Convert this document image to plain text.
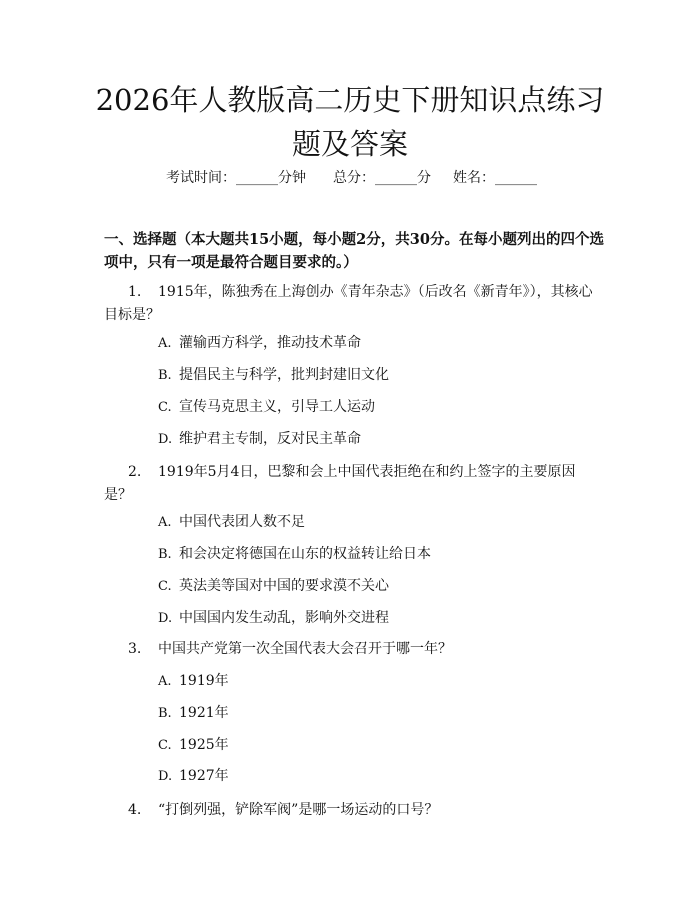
2026年人教版高二历史下册知识点练习题及答案
考试时间：______分钟 总分：______分 姓名：______
一、选择题（本大题共15小题，每小题2分，共30分。在每小题列出的四个选项中，只有一项是最符合题目要求的。）
1. 1915年，陈独秀在上海创办《青年杂志》（后改名《新青年》），其核心目标是？
A. 灌输西方科学，推动技术革命
B. 提倡民主与科学，批判封建旧文化
C. 宣传马克思主义，引导工人运动
D. 维护君主专制，反对民主革命
2. 1919年5月4日，巴黎和会上中国代表拒绝在和约上签字的主要原因是？
A. 中国代表团人数不足
B. 和会决定将德国在山东的权益转让给日本
C. 英法美等国对中国的要求漠不关心
D. 中国国内发生动乱，影响外交进程
3. 中国共产党第一次全国代表大会召开于哪一年？
A. 1919年
B. 1921年
C. 1925年
D. 1927年
4. “打倒列强，铲除军阀”是哪一场运动的口号？
